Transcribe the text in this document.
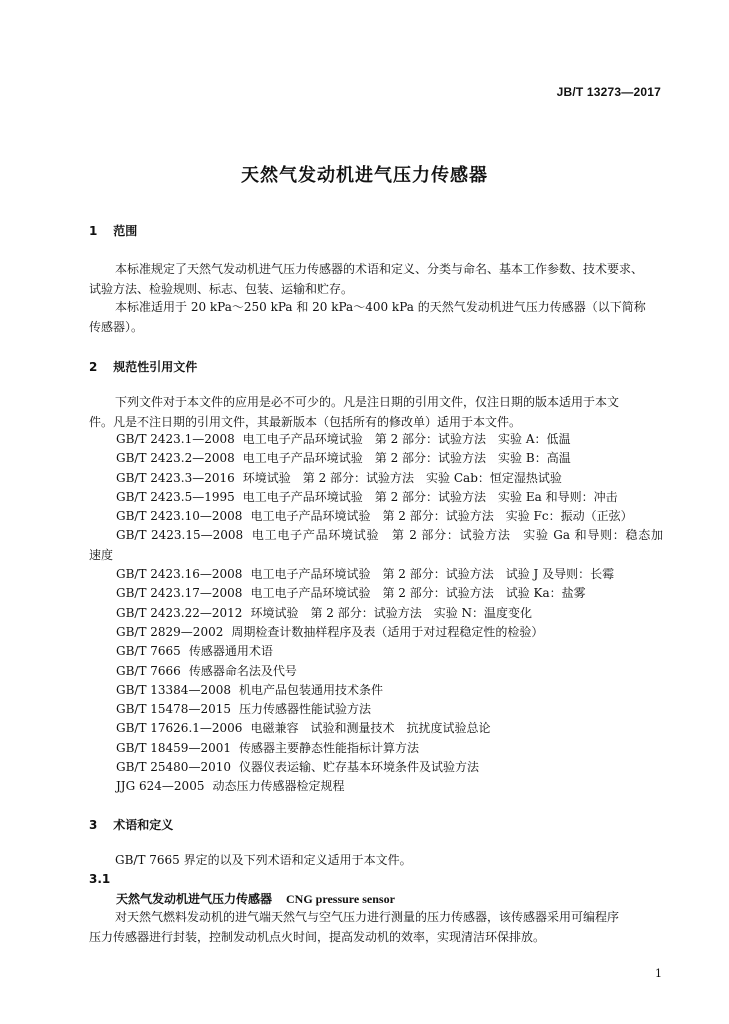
JB/T 13273—2017
天然气发动机进气压力传感器
1 范围
本标准规定了天然气发动机进气压力传感器的术语和定义、分类与命名、基本工作参数、技术要求、
试验方法、检验规则、标志、包装、运输和贮存。
本标准适用于 20 kPa～250 kPa 和 20 kPa～400 kPa 的天然气发动机进气压力传感器（以下简称
传感器）。
2 规范性引用文件
下列文件对于本文件的应用是必不可少的。凡是注日期的引用文件，仅注日期的版本适用于本文
件。凡是不注日期的引用文件，其最新版本（包括所有的修改单）适用于本文件。
GB/T 2423.1—2008 电工电子产品环境试验　第 2 部分：试验方法　实验 A：低温
GB/T 2423.2—2008 电工电子产品环境试验　第 2 部分：试验方法　实验 B：高温
GB/T 2423.3—2016 环境试验　第 2 部分：试验方法　实验 Cab：恒定湿热试验
GB/T 2423.5—1995 电工电子产品环境试验　第 2 部分：试验方法　实验 Ea 和导则：冲击
GB/T 2423.10—2008 电工电子产品环境试验　第 2 部分：试验方法　实验 Fc：振动（正弦）
GB/T 2423.15—2008 电工电子产品环境试验　第 2 部分：试验方法　实验 Ga 和导则：稳态加
速度
GB/T 2423.16—2008 电工电子产品环境试验　第 2 部分：试验方法　试验 J 及导则：长霉
GB/T 2423.17—2008 电工电子产品环境试验　第 2 部分：试验方法　试验 Ka：盐雾
GB/T 2423.22—2012 环境试验　第 2 部分：试验方法　实验 N：温度变化
GB/T 2829—2002 周期检查计数抽样程序及表（适用于对过程稳定性的检验）
GB/T 7665 传感器通用术语
GB/T 7666 传感器命名法及代号
GB/T 13384—2008 机电产品包装通用技术条件
GB/T 15478—2015 压力传感器性能试验方法
GB/T 17626.1—2006 电磁兼容　试验和测量技术　抗扰度试验总论
GB/T 18459—2001 传感器主要静态性能指标计算方法
GB/T 25480—2010 仪器仪表运输、贮存基本环境条件及试验方法
JJG 624—2005 动态压力传感器检定规程
3 术语和定义
GB/T 7665 界定的以及下列术语和定义适用于本文件。
3.1
天然气发动机进气压力传感器 CNG pressure sensor
对天然气燃料发动机的进气端天然气与空气压力进行测量的压力传感器，该传感器采用可编程序
压力传感器进行封装，控制发动机点火时间，提高发动机的效率，实现清洁环保排放。
1
